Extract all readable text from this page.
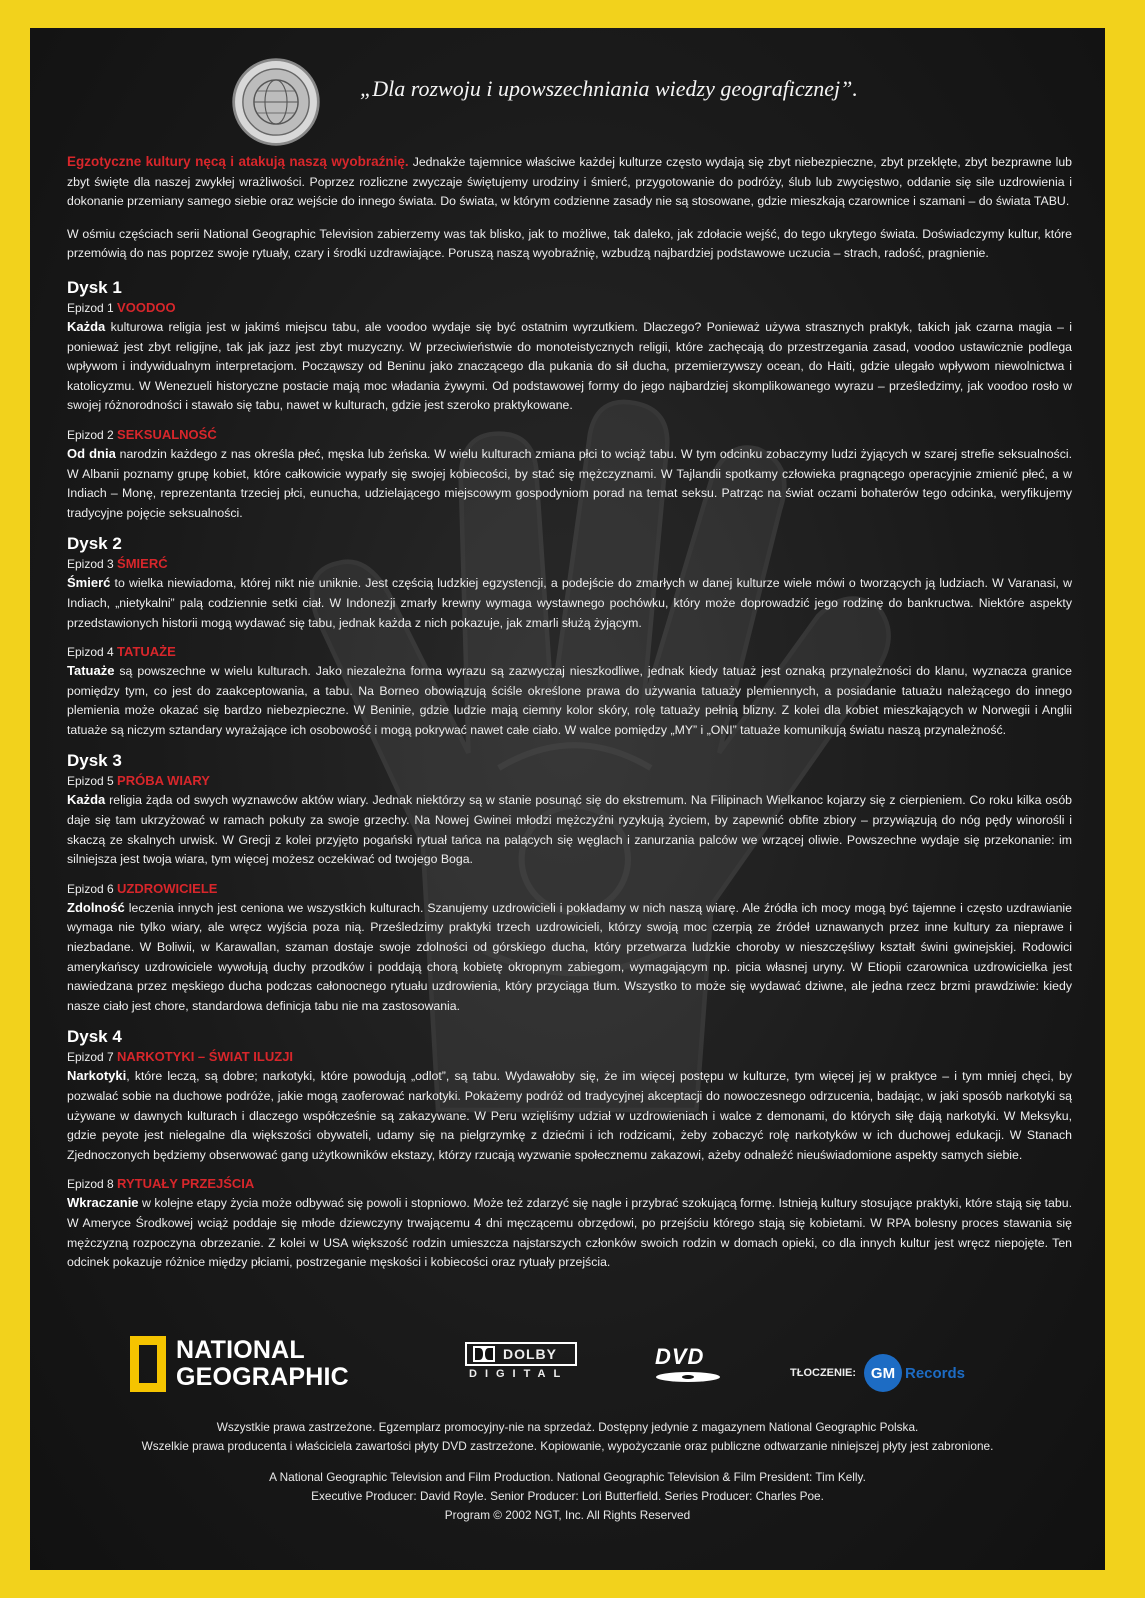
„Dla rozwoju i upowszechniania wiedzy geograficznej”.

Egzotyczne kultury nęcą i atakują naszą wyobraźnię. Jednakże tajemnice właściwe każdej kulturze często wydają się zbyt niebezpieczne, zbyt przeklęte, zbyt bezprawne lub zbyt święte dla naszej zwykłej wrażliwości. Poprzez rozliczne zwyczaje świętujemy urodziny i śmierć, przygotowanie do podróży, ślub lub zwycięstwo, oddanie się sile uzdrowienia i dokonanie przemiany samego siebie oraz wejście do innego świata. Do świata, w którym codzienne zasady nie są stosowane, gdzie mieszkają czarownice i szamani – do świata TABU.

W ośmiu częściach serii National Geographic Television zabierzemy was tak blisko, jak to możliwe, tak daleko, jak zdołacie wejść, do tego ukrytego świata. Doświadczymy kultur, które przemówią do nas poprzez swoje rytuały, czary i środki uzdrawiające. Poruszą naszą wyobraźnię, wzbudzą najbardziej podstawowe uczucia – strach, radość, pragnienie.

Dysk 1
Epizod 1 VOODOO

Każda kulturowa religia jest w jakimś miejscu tabu, ale voodoo wydaje się być ostatnim wyrzutkiem. Dlaczego? Ponieważ używa strasznych praktyk, takich jak czarna magia – i ponieważ jest zbyt religijne, tak jak jazz jest zbyt muzyczny. W przeciwieństwie do monoteistycznych religii, które zachęcają do przestrzegania zasad, voodoo ustawicznie podlega wpływom i indywidualnym interpretacjom. Począwszy od Beninu jako znaczącego dla pukania do sił ducha, przemierzywszy ocean, do Haiti, gdzie ulegało wpływom niewolnictwa i katolicyzmu. W Wenezueli historyczne postacie mają moc władania żywymi. Od podstawowej formy do jego najbardziej skomplikowanego wyrazu – prześledzimy, jak voodoo rosło w swojej różnorodności i stawało się tabu, nawet w kulturach, gdzie jest szeroko praktykowane.

Epizod 2 SEKSUALNOŚĆ

Od dnia narodzin każdego z nas określa płeć, męska lub żeńska. W wielu kulturach zmiana płci to wciąż tabu. W tym odcinku zobaczymy ludzi żyjących w szarej strefie seksualności. W Albanii poznamy grupę kobiet, które całkowicie wyparły się swojej kobiecości, by stać się mężczyznami. W Tajlandii spotkamy człowieka pragnącego operacyjnie zmienić płeć, a w Indiach – Monę, reprezentanta trzeciej płci, eunucha, udzielającego miejscowym gospodyniom porad na temat seksu. Patrząc na świat oczami bohaterów tego odcinka, weryfikujemy tradycyjne pojęcie seksualności.

Dysk 2
Epizod 3 ŚMIERĆ

Śmierć to wielka niewiadoma, której nikt nie uniknie. Jest częścią ludzkiej egzystencji, a podejście do zmarłych w danej kulturze wiele mówi o tworzących ją ludziach. W Varanasi, w Indiach, „nietykalni” palą codziennie setki ciał. W Indonezji zmarły krewny wymaga wystawnego pochówku, który może doprowadzić jego rodzinę do bankructwa. Niektóre aspekty przedstawionych historii mogą wydawać się tabu, jednak każda z nich pokazuje, jak zmarli służą żyjącym.

Epizod 4 TATUAŻE

Tatuaże są powszechne w wielu kulturach. Jako niezależna forma wyrazu są zazwyczaj nieszkodliwe, jednak kiedy tatuaż jest oznaką przynależności do klanu, wyznacza granice pomiędzy tym, co jest do zaakceptowania, a tabu. Na Borneo obowiązują ściśle określone prawa do używania tatuaży plemiennych, a posiadanie tatuażu należącego do innego plemienia może okazać się bardzo niebezpieczne. W Beninie, gdzie ludzie mają ciemny kolor skóry, rolę tatuaży pełnią blizny. Z kolei dla kobiet mieszkających w Norwegii i Anglii tatuaże są niczym sztandary wyrażające ich osobowość i mogą pokrywać nawet całe ciało. W walce pomiędzy „MY” i „ONI” tatuaże komunikują światu naszą przynależność.

Dysk 3
Epizod 5 PRÓBA WIARY

Każda religia żąda od swych wyznawców aktów wiary. Jednak niektórzy są w stanie posunąć się do ekstremum. Na Filipinach Wielkanoc kojarzy się z cierpieniem. Co roku kilka osób daje się tam ukrzyżować w ramach pokuty za swoje grzechy. Na Nowej Gwinei młodzi mężczyźni ryzykują życiem, by zapewnić obfite zbiory – przywiązują do nóg pędy winorośli i skaczą ze skalnych urwisk. W Grecji z kolei przyjęto pogański rytuał tańca na palących się węglach i zanurzania palców we wrzącej oliwie. Powszechne wydaje się przekonanie: im silniejsza jest twoja wiara, tym więcej możesz oczekiwać od twojego Boga.

Epizod 6 UZDROWICIELE

Zdolność leczenia innych jest ceniona we wszystkich kulturach. Szanujemy uzdrowicieli i pokładamy w nich naszą wiarę. Ale źródła ich mocy mogą być tajemne i często uzdrawianie wymaga nie tylko wiary, ale wręcz wyjścia poza nią. Prześledzimy praktyki trzech uzdrowicieli, którzy swoją moc czerpią ze źródeł uznawanych przez inne kultury za nieprawe i niezbadane. W Boliwii, w Karawallan, szaman dostaje swoje zdolności od górskiego ducha, który przetwarza ludzkie choroby w nieszczęśliwy kształt świni gwinejskiej. Rodowici amerykańscy uzdrowiciele wywołują duchy przodków i poddają chorą kobietę okropnym zabiegom, wymagającym np. picia własnej uryny. W Etiopii czarownica uzdrowicielka jest nawiedzana przez męskiego ducha podczas całonocnego rytuału uzdrowienia, który przyciąga tłum. Wszystko to może się wydawać dziwne, ale jedna rzecz brzmi prawdziwie: kiedy nasze ciało jest chore, standardowa definicja tabu nie ma zastosowania.

Dysk 4
Epizod 7 NARKOTYKI – ŚWIAT ILUZJI

Narkotyki, które leczą, są dobre; narkotyki, które powodują „odlot”, są tabu. Wydawałoby się, że im więcej postępu w kulturze, tym więcej jej w praktyce – i tym mniej chęci, by pozwalać sobie na duchowe podróże, jakie mogą zaoferować narkotyki. Pokażemy podróż od tradycyjnej akceptacji do nowoczesnego odrzucenia, badając, w jaki sposób narkotyki są używane w dawnych kulturach i dlaczego współcześnie są zakazywane. W Peru wzięliśmy udział w uzdrowieniach i walce z demonami, do których siłę dają narkotyki. W Meksyku, gdzie peyote jest nielegalne dla większości obywateli, udamy się na pielgrzymkę z dziećmi i ich rodzicami, żeby zobaczyć rolę narkotyków w ich duchowej edukacji. W Stanach Zjednoczonych będziemy obserwować gang użytkowników ekstazy, którzy rzucają wyzwanie społecznemu zakazowi, ażeby odnaleźć nieuświadomione aspekty samych siebie.

Epizod 8 RYTUAŁY PRZEJŚCIA

Wkraczanie w kolejne etapy życia może odbywać się powoli i stopniowo. Może też zdarzyć się nagle i przybrać szokującą formę. Istnieją kultury stosujące praktyki, które stają się tabu. W Ameryce Środkowej wciąż poddaje się młode dziewczyny trwającemu 4 dni męczącemu obrzędowi, po przejściu którego stają się kobietami. W RPA bolesny proces stawania się mężczyzną rozpoczyna obrzezanie. Z kolei w USA większość rodzin umieszcza najstarszych członków swoich rodzin w domach opieki, co dla innych kultur jest wręcz niepojęte. Ten odcinek pokazuje różnice między płciami, postrzeganie męskości i kobiecości oraz rytuały przejścia.

NATIONAL
GEOGRAPHIC
DOLBY
DIGITAL
DVD
TŁOCZENIE: GM Records
Wszystkie prawa zastrzeżone. Egzemplarz promocyjny-nie na sprzedaż. Dostępny jedynie z magazynem National Geographic Polska.
Wszelkie prawa producenta i właściciela zawartości płyty DVD zastrzeżone. Kopiowanie, wypożyczanie oraz publiczne odtwarzanie niniejszej płyty jest zabronione.
A National Geographic Television and Film Production. National Geographic Television & Film President: Tim Kelly.
Executive Producer: David Royle. Senior Producer: Lori Butterfield. Series Producer: Charles Poe.
Program © 2002 NGT, Inc. All Rights Reserved
